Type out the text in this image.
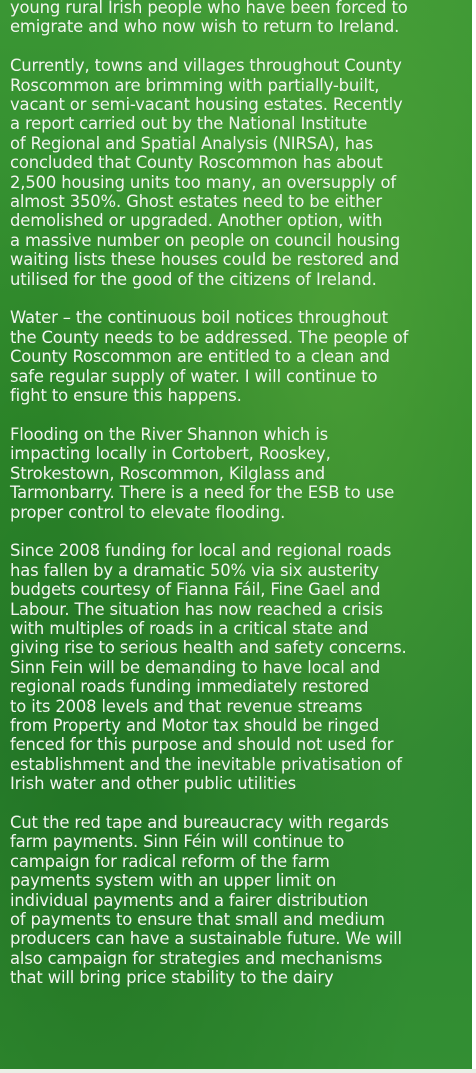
young rural Irish people who have been forced to
emigrate and who now wish to return to Ireland.

Currently, towns and villages throughout County
Roscommon are brimming with partially-built,
vacant or semi-vacant housing estates. Recently
a report carried out by the National Institute
of Regional and Spatial Analysis (NIRSA), has
concluded that County Roscommon has about
2,500 housing units too many, an oversupply of
almost 350%. Ghost estates need to be either
demolished or upgraded. Another option, with
a massive number on people on council housing
waiting lists these houses could be restored and
utilised for the good of the citizens of Ireland.

Water – the continuous boil notices throughout
the County needs to be addressed. The people of
County Roscommon are entitled to a clean and
safe regular supply of water. I will continue to
fight to ensure this happens.

Flooding on the River Shannon which is
impacting locally in Cortobert, Rooskey,
Strokestown, Roscommon, Kilglass and
Tarmonbarry. There is a need for the ESB to use
proper control to elevate flooding.

Since 2008 funding for local and regional roads
has fallen by a dramatic 50% via six austerity
budgets courtesy of Fianna Fáil, Fine Gael and
Labour. The situation has now reached a crisis
with multiples of roads in a critical state and
giving rise to serious health and safety concerns.
Sinn Fein will be demanding to have local and
regional roads funding immediately restored
to its 2008 levels and that revenue streams
from Property and Motor tax should be ringed
fenced for this purpose and should not used for
establishment and the inevitable privatisation of
Irish water and other public utilities

Cut the red tape and bureaucracy with regards
farm payments. Sinn Féin will continue to
campaign for radical reform of the farm
payments system with an upper limit on
individual payments and a fairer distribution
of payments to ensure that small and medium
producers can have a sustainable future. We will
also campaign for strategies and mechanisms
that will bring price stability to the dairy
